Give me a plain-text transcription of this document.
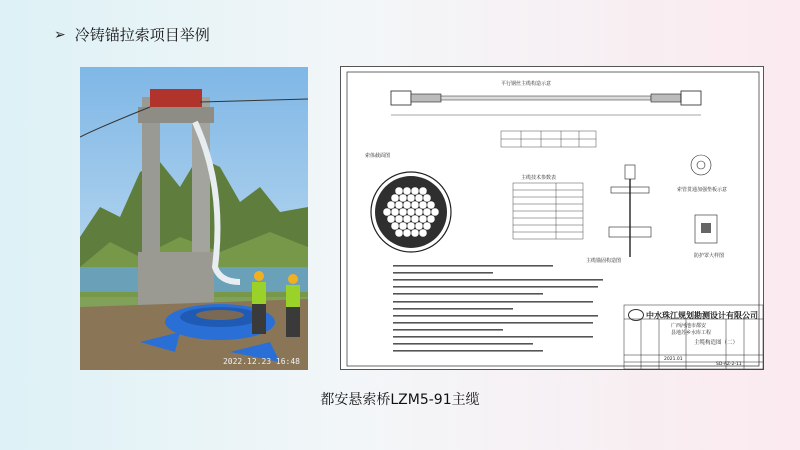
➢ 冷铸锚拉索项目举例
2022.12.23 16:48
平行钢丝主缆构造示意
索体截面图
主缆技术参数表
主缆锚固构造图
索管贯通加强垫板示意
防护罩大样图
中水珠江规划勘测设计有限公司
广西河池市都安
县地苏乡水库工程
主缆构造图（二）
2021.01
SD-AZ-2-11
都安悬索桥LZM5-91主缆
